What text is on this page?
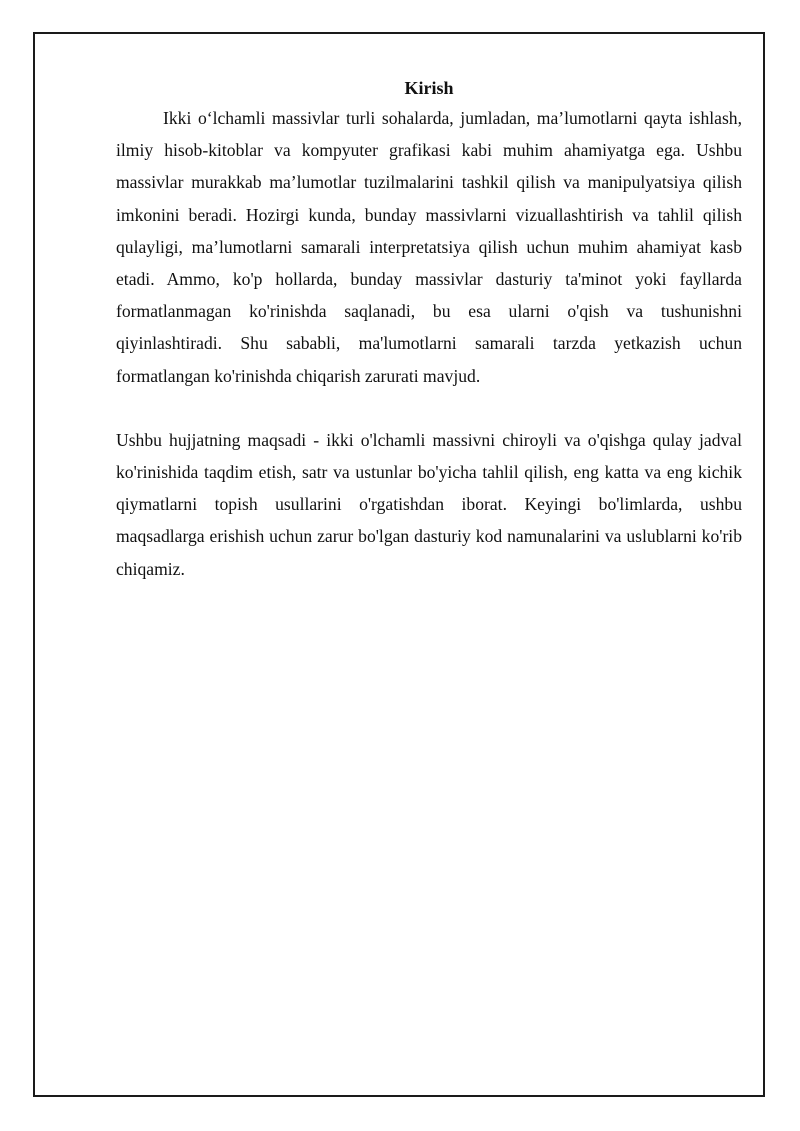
Kirish

Ikki o‘lchamli massivlar turli sohalarda, jumladan, ma’lumotlarni qayta ishlash, ilmiy hisob-kitoblar va kompyuter grafikasi kabi muhim ahamiyatga ega. Ushbu massivlar murakkab ma’lumotlar tuzilmalarini tashkil qilish va manipulyatsiya qilish imkonini beradi. Hozirgi kunda, bunday massivlarni vizuallashtirish va tahlil qilish qulayligi, ma’lumotlarni samarali interpretatsiya qilish uchun muhim ahamiyat kasb etadi. Ammo, ko'p hollarda, bunday massivlar dasturiy ta'minot yoki fayllarda formatlanmagan ko'rinishda saqlanadi, bu esa ularni o'qish va tushunishni qiyinlashtiradi. Shu sababli, ma'lumotlarni samarali tarzda yetkazish uchun formatlangan ko'rinishda chiqarish zarurati mavjud.

Ushbu hujjatning maqsadi - ikki o'lchamli massivni chiroyli va o'qishga qulay jadval ko'rinishida taqdim etish, satr va ustunlar bo'yicha tahlil qilish, eng katta va eng kichik qiymatlarni topish usullarini o'rgatishdan iborat. Keyingi bo'limlarda, ushbu maqsadlarga erishish uchun zarur bo'lgan dasturiy kod namunalarini va uslublarni ko'rib chiqamiz.
